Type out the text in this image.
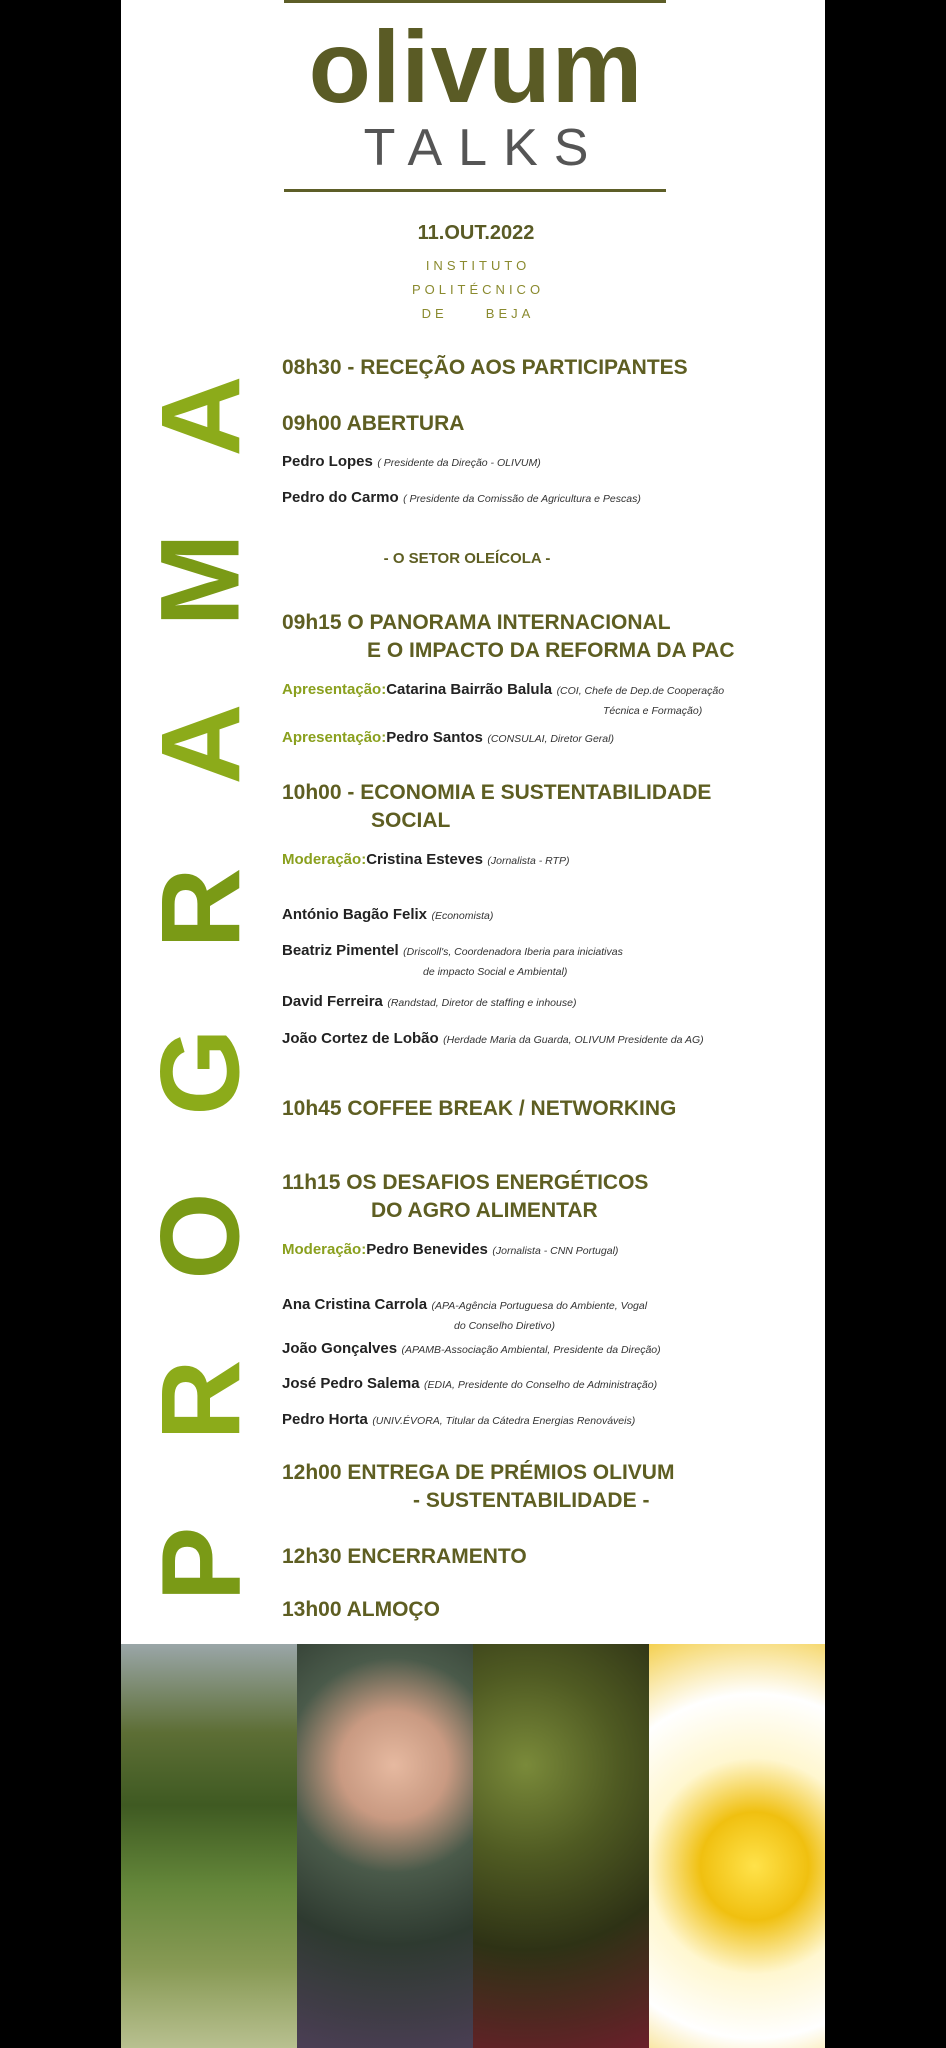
olivum
TALKS
11.OUT.2022
INSTITUTO
POLITÉCNICO
DE     BEJA
A
M
A
R
G
O
R
P
08h30 - RECEÇÃO AOS PARTICIPANTES
09h00 ABERTURA
Pedro Lopes ( Presidente da Direção - OLIVUM)
Pedro do Carmo ( Presidente da Comissão de Agricultura e Pescas)
- O SETOR OLEÍCOLA -
09h15 O PANORAMA INTERNACIONAL
E O IMPACTO DA REFORMA DA PAC
Apresentação:Catarina Bairrão Balula (COI, Chefe de Dep.de Cooperação
Técnica e Formação)
Apresentação:Pedro Santos (CONSULAI, Diretor Geral)
10h00 - ECONOMIA E SUSTENTABILIDADE
SOCIAL
Moderação:Cristina Esteves (Jornalista - RTP)
António Bagão Felix (Economista)
Beatriz Pimentel (Driscoll's, Coordenadora Iberia para iniciativas
de impacto Social e Ambiental)
David Ferreira (Randstad, Diretor de staffing e inhouse)
João Cortez de Lobão (Herdade Maria da Guarda, OLIVUM Presidente da AG)
10h45 COFFEE BREAK / NETWORKING
11h15 OS DESAFIOS ENERGÉTICOS
DO AGRO ALIMENTAR
Moderação:Pedro Benevides (Jornalista - CNN Portugal)
Ana Cristina Carrola (APA-Agência Portuguesa do Ambiente, Vogal
do Conselho Diretivo)
João Gonçalves (APAMB-Associação Ambiental, Presidente da Direção)
José Pedro Salema (EDIA, Presidente do Conselho de Administração)
Pedro Horta (UNIV.ÉVORA, Titular da Cátedra Energias Renováveis)
12h00 ENTREGA DE PRÉMIOS OLIVUM
- SUSTENTABILIDADE -
12h30 ENCERRAMENTO
13h00 ALMOÇO
